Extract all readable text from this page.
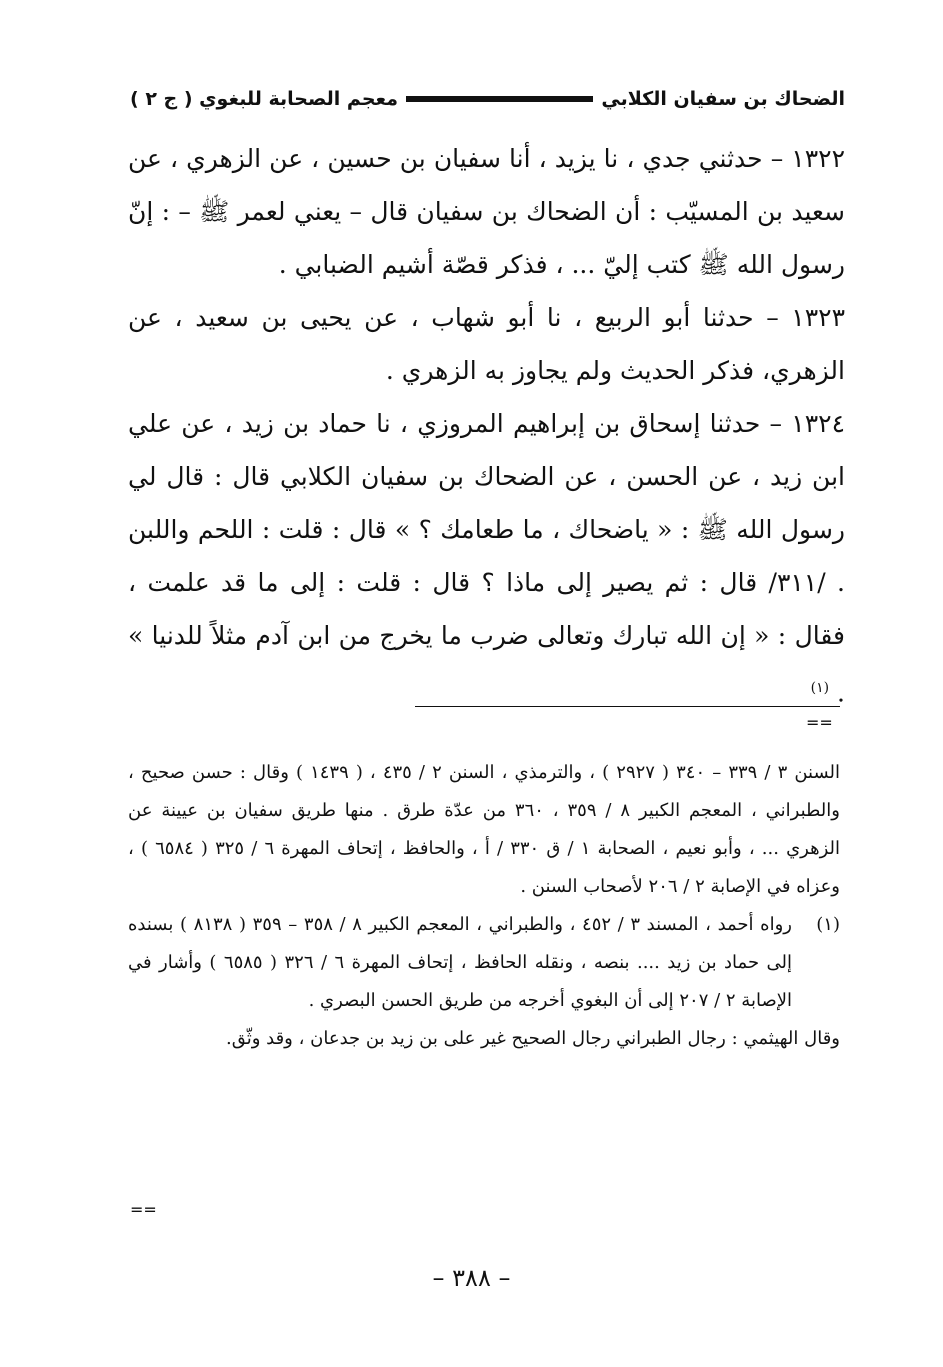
معجم الصحابة للبغوي ( ج ٢ )	الضحاك بن سفيان الكلابي

١٣٢٢ – حدثني جدي ، نا يزيد ، أنا سفيان بن حسين ، عن الزهري ، عن سعيد بن المسيّب : أن الضحاك بن سفيان قال – يعني لعمر ﷺ – : إنّ رسول الله ﷺ كتب إليّ ... ، فذكر قصّة أشيم الضبابي .

١٣٢٣ – حدثنا أبو الربيع ، نا أبو شهاب ، عن يحيى بن سعيد ، عن الزهري، فذكر الحديث ولم يجاوز به الزهري .

١٣٢٤ – حدثنا إسحاق بن إبراهيم المروزي ، نا حماد بن زيد ، عن علي ابن زيد ، عن الحسن ، عن الضحاك بن سفيان الكلابي قال : قال لي رسول الله ﷺ : « ياضحاك ، ما طعامك ؟ » قال : قلت : اللحم واللبن . /٣١١/ قال : ثم يصير إلى ماذا ؟ قال : قلت : إلى ما قد علمت ، فقال : « إن الله تبارك وتعالى ضرب ما يخرج من ابن آدم مثلاً للدنيا » . $^{(١)}$

==

السنن ٣ / ٣٣٩ – ٣٤٠ ( ٢٩٢٧ ) ، والترمذي ، السنن ٢ / ٤٣٥ ، ( ١٤٣٩ ) وقال : حسن صحيح ، والطبراني ، المعجم الكبير ٨ / ٣٥٩ ، ٣٦٠ من عدّة طرق . منها طريق سفيان بن عيينة عن الزهري ... ، وأبو نعيم ، الصحابة ١ / ق ٣٣٠ / أ ، والحافظ ، إتحاف المهرة ٦ / ٣٢٥ ( ٦٥٨٤ ) ، وعزاه في الإصابة ٢ / ٢٠٦ لأصحاب السنن .

(١)
رواه أحمد ، المسند ٣ / ٤٥٢ ، والطبراني ، المعجم الكبير ٨ / ٣٥٨ – ٣٥٩ ( ٨١٣٨ ) بسنده إلى حماد بن زيد .... بنصه ، ونقله الحافظ ، إتحاف المهرة ٦ / ٣٢٦ ( ٦٥٨٥ ) وأشار في الإصابة ٢ / ٢٠٧ إلى أن البغوي أخرجه من طريق الحسن البصري .

وقال الهيثمي : رجال الطبراني رجال الصحيح غير على بن زيد بن جدعان ، وقد وثّق.

==
– ٣٨٨ –
